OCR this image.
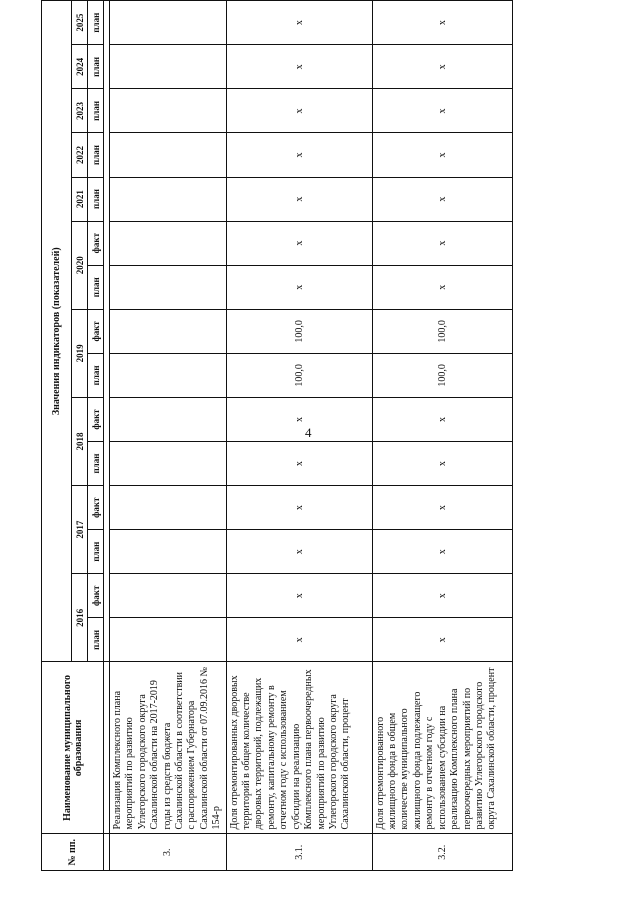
4
№ пп.	Наименование муниципального образования	Значения индикаторов (показателей)														
		2016		2017		2018		2019		2020		2021	2022	2023	2024	2025
		план	факт	план	факт	план	факт	план	факт	план	факт	план	план	план	план	план

3.	Реализация Комплексного плана мероприятий по развитию Углегорского городского округа Сахалинской области на 2017-2019 годы из средств бюджета Сахалинской области в соответствии с распоряжением Губернатора Сахалинской области от 07.09.2016 № 154-р															
3.1.	Доля отремонтированных дворовых территорий в общем количестве дворовых территорий, подлежащих ремонту, капитальному ремонту в отчетном году с использованием субсидии на реализацию Комплексного плана первоочередных мероприятий по развитию Углегорского городского округа Сахалинской области, процент	x	x	x	x	x	x	100,0	100,0	x	x	x	x	x	x	x
3.2.	Доля отремонтированного жилищного фонда в общем количестве муниципального жилищного фонда подлежащего ремонту в отчетном году с использованием субсидии на реализацию Комплексного плана первоочередных мероприятий по развитию Углегорского городского округа Сахалинской области, процент	x	x	x	x	x	x	100,0	100,0	x	x	x	x	x	x	x
